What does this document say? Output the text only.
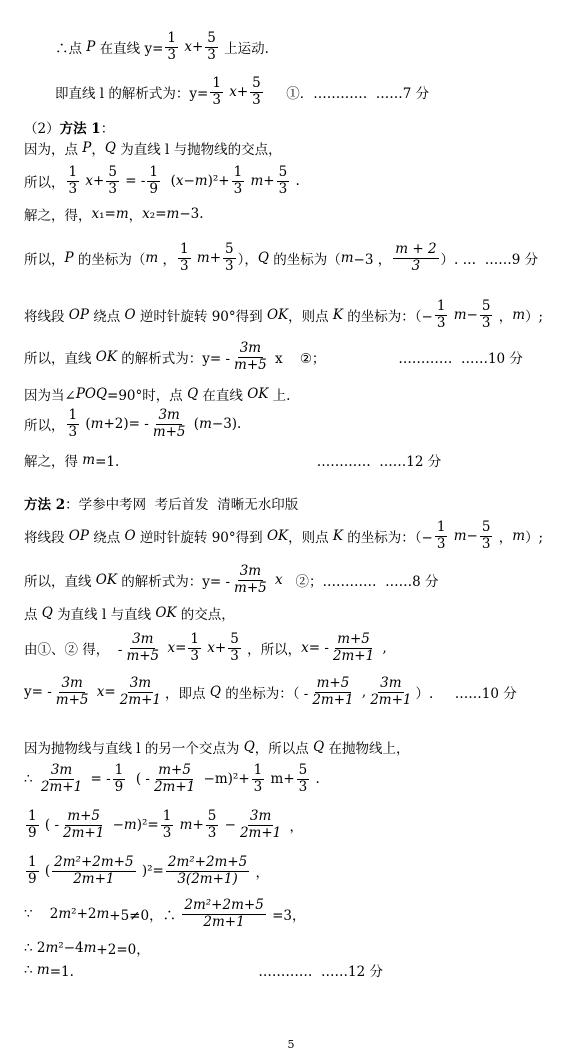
∴点 P 在直线 $y= \frac{1}{3}$
$x + \frac{5}{3}$ 上运动.
即直线 l 的解析式为：$y= \frac{1}{3}$
$x + \frac{5}{3}$ ①．…………  ……7 分
（2） 方法 1 ：
因为，点 P ， Q 为直线 l 与抛物线的交点，
所以， $\frac{1}{3}$
$x + \frac{5}{3}$ = - $\frac{1}{9}$ ( x − m )$^2+ \frac{1}{3}$
$m + \frac{5}{3}$ .
解之，得， x ₁= m ， x ₂= m −3.
所以， P 的坐标为（ m ， $\frac{1}{3}$
$m + \frac{5}{3}$ ）， Q 的坐标为（ m −3 ， $\frac{m + 2}{3}$ ）. …  ……9 分
将线段 OP 绕点 O 逆时针旋转 90°得到 OK ，则点 K 的坐标为：（− $\frac{1}{3}$
$m - \frac{5}{3}$ ， m ）;
所以，直线 OK 的解析式为：$y= - \frac{3m}{m+5}$ x    ②；                 …………  ……10 分
因为当∠ POQ =90°时，点 Q 在直线 OK 上.
所以， $\frac{1}{3}$ ( $m +2)= - \frac{3m}{m+5}$ ( m −3).
解之，得 m =1.                                              …………  ……12 分
方法 2 ：学参中考网  考后首发  清晰无水印版
将线段 OP 绕点 O 逆时针旋转 90°得到 OK ，则点 K 的坐标为：（− $\frac{1}{3}$
$m - \frac{5}{3}$ ， m ）;
所以，直线 OK 的解析式为：$y= - \frac{3m}{m+5}$
x ②；…………  ……8 分
点 Q 为直线 l 与直线 OK 的交点，
由①、② 得，  - $\frac{3m}{m+5}$
$x = \frac{1}{3}$
$x + \frac{5}{3}$ ，所以， x = - $\frac{m+5}{2m+1}$ ,
$y= - \frac{3m}{m+5}$
$x = \frac{3m}{2m+1}$ ，即点 Q 的坐标为：（ - $\frac{m+5}{2m+1}$ , $\frac{3m}{2m+1}$ ）.     ……10 分
因为抛物线与直线 l 的另一个交点为 Q ，所以点 Q 在抛物线上，
∴ $\frac{3m}{2m+1}$ = - $\frac{1}{9}$ ( - $\frac{m+5}{2m+1} -m)^2+ \frac{1}{3} m+ \frac{5}{3}$ .
$\frac{1}{9}$ ( - $\frac{m+5}{2m+1} - m$ )$^2= \frac{1}{3}$
$m + \frac{5}{3} - \frac{3m}{2m+1}$ ，
$\frac{1}{9}$ ( $\frac{\text{2m²+2m+5}}{2m+1} )^2= \frac{\text{2m²+2m+5}}{3(2m+1)}$ ，
∵    2 m ²+2 m +5≠0，∴ $\frac{\text{2m²+2m+5}}{2m+1} =3$，
∴ 2 m ²−4 m +2=0，
∴ m =1.                                           …………  ……12 分
5
